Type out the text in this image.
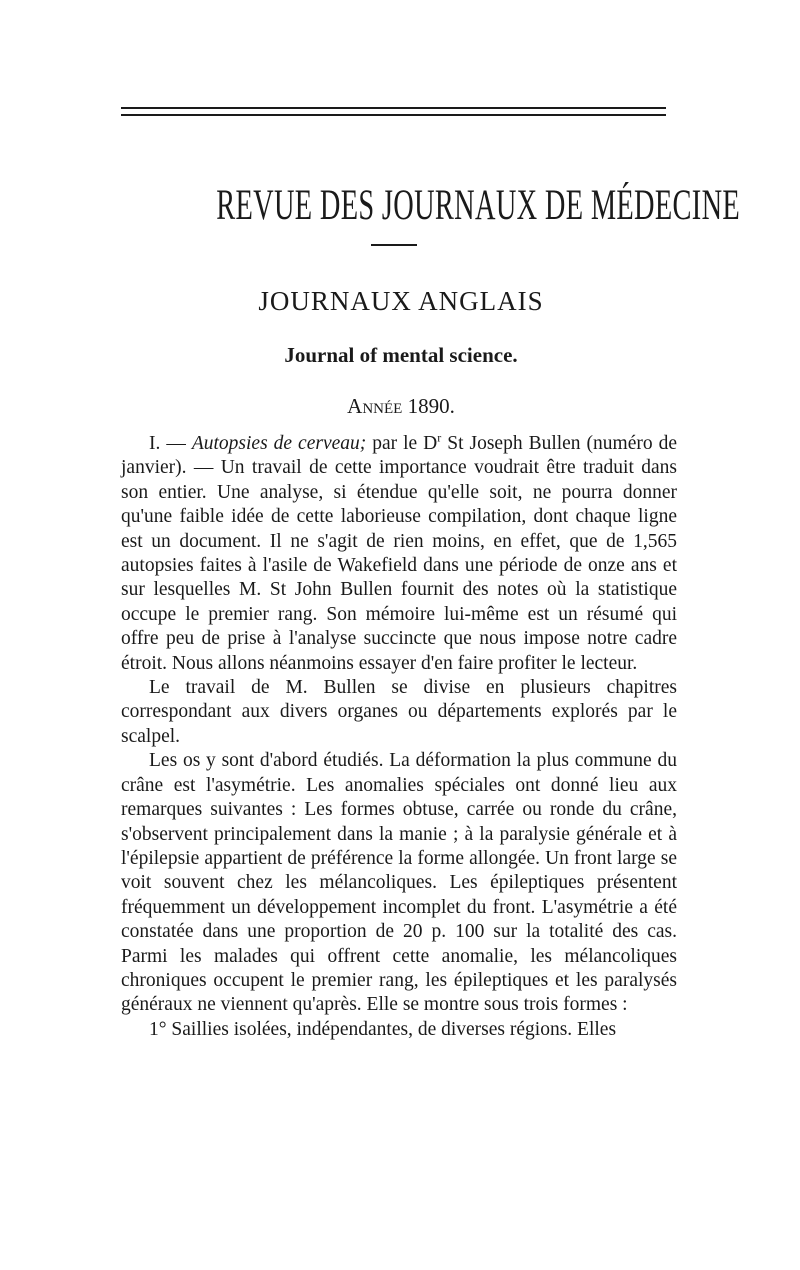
REVUE DES JOURNAUX DE MÉDECINE
JOURNAUX ANGLAIS
Journal of mental science.
Année 1890.

I. — Autopsies de cerveau; par le $D^r$ St Joseph Bullen (numéro de janvier). — Un travail de cette importance voudrait être traduit dans son entier. Une analyse, si étendue qu'elle soit, ne pourra donner qu'une faible idée de cette laborieuse compilation, dont chaque ligne est un document. Il ne s'agit de rien moins, en effet, que de 1,565 autopsies faites à l'asile de Wakefield dans une période de onze ans et sur lesquelles M. St John Bullen fournit des notes où la statistique occupe le premier rang. Son mémoire lui-même est un résumé qui offre peu de prise à l'analyse succincte que nous impose notre cadre étroit. Nous allons néanmoins essayer d'en faire profiter le lecteur.

Le travail de M. Bullen se divise en plusieurs chapitres correspondant aux divers organes ou départements explorés par le scalpel.

Les os y sont d'abord étudiés. La déformation la plus commune du crâne est l'asymétrie. Les anomalies spéciales ont donné lieu aux remarques suivantes : Les formes obtuse, carrée ou ronde du crâne, s'observent principalement dans la manie ; à la paralysie générale et à l'épilepsie appartient de préférence la forme allongée. Un front large se voit souvent chez les mélancoliques. Les épileptiques présentent fréquemment un développement incomplet du front. L'asymétrie a été constatée dans une proportion de 20 p. 100 sur la totalité des cas. Parmi les malades qui offrent cette anomalie, les mélancoliques chroniques occupent le premier rang, les épileptiques et les paralysés généraux ne viennent qu'après. Elle se montre sous trois formes :

1° Saillies isolées, indépendantes, de diverses régions. Elles
